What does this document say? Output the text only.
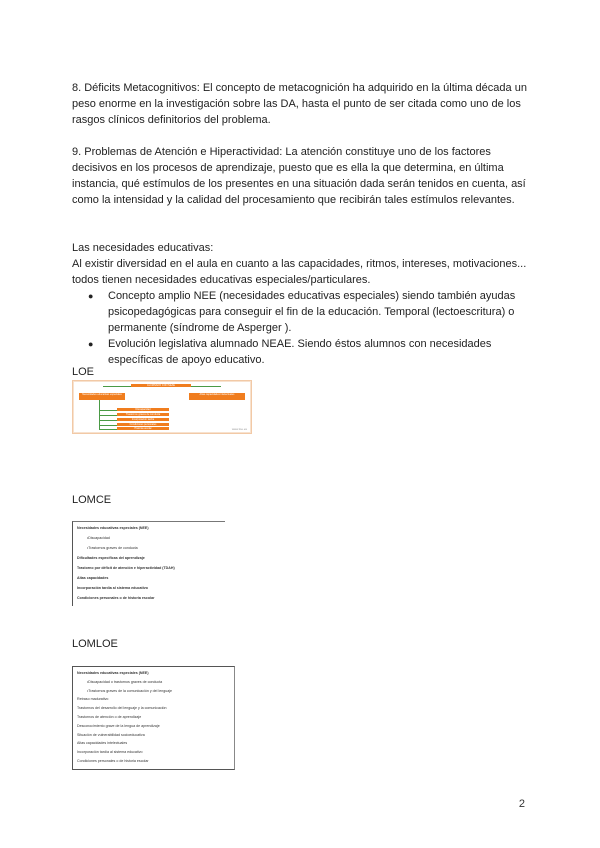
8. Déficits Metacognitivos: El concepto de metacognición ha adquirido en la última década un peso enorme en la investigación sobre las DA, hasta el punto de ser citada como uno de los rasgos clínicos definitorios del problema.

9. Problemas de Atención e Hiperactividad: La atención constituye uno de los factores decisivos en los procesos de aprendizaje, puesto que es ella la que determina, en última instancia, qué estímulos de los presentes en una situación dada serán tenidos en cuenta, así como la intensidad y la calidad del procesamiento que recibirán tales estímulos relevantes.

Las necesidades educativas:

Al existir diversidad en el aula en cuanto a las capacidades, ritmos, intereses, motivaciones... todos tienen necesidades educativas especiales/particulares.

● Concepto amplio NEE (necesidades educativas especiales) siendo también ayudas psicopedagógicas para conseguir el fin de la educación. Temporal (lectoescritura) o permanente (síndrome de Asperger ).
● Evolución legislativa alumnado NEAE. Siendo éstos alumnos con necesidades específicas de apoyo educativo.
LOE
ALUMNADO CON NEAE
Necesidades educativas especiales	Altas capacidades intelectuales
Discapacidad
Trastornos graves de conducta
Incorporación tardía
Condiciones personales
Historia escolar	www.loe.es
LOMCE
Necesidades educativas especiales (NEE)
• Discapacidad
• Trastornos graves de conducta
Dificultades específicas del aprendizaje
Trastorno por déficit de atención e hiperactividad (TDAH)
Altas capacidades
Incorporación tardía al sistema educativo
Condiciones personales o de historia escolar
LOMLOE
Necesidades educativas especiales (NEE)
• Discapacidad o trastornos graves de conducta
• Trastornos graves de la comunicación y del lenguaje
Retraso madurativo
Trastornos del desarrollo del lenguaje y la comunicación
Trastornos de atención o de aprendizaje
Desconocimiento grave de la lengua de aprendizaje
Situación de vulnerabilidad socioeducativa
Altas capacidades intelectuales
Incorporación tardía al sistema educativo
Condiciones personales o de historia escolar
2
